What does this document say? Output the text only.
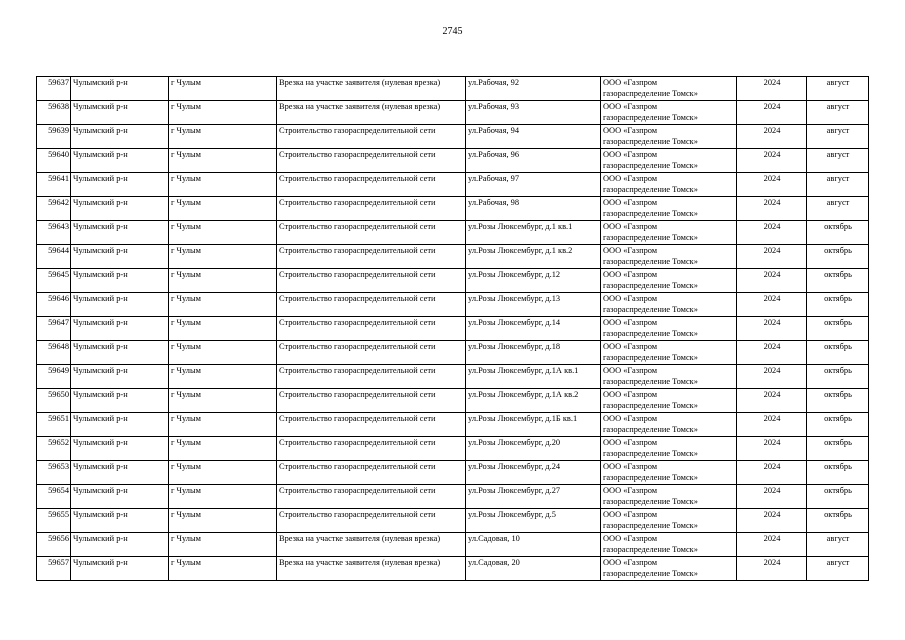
2745
59637	Чулымский р-н	г Чулым	Врезка на участке заявителя (нулевая врезка)	ул.Рабочая, 92	ООО «Газпром
газораспределение Томск»	2024	август
59638	Чулымский р-н	г Чулым	Врезка на участке заявителя (нулевая врезка)	ул.Рабочая, 93	ООО «Газпром
газораспределение Томск»	2024	август
59639	Чулымский р-н	г Чулым	Строительство газораспределительной сети	ул.Рабочая, 94	ООО «Газпром
газораспределение Томск»	2024	август
59640	Чулымский р-н	г Чулым	Строительство газораспределительной сети	ул.Рабочая, 96	ООО «Газпром
газораспределение Томск»	2024	август
59641	Чулымский р-н	г Чулым	Строительство газораспределительной сети	ул.Рабочая, 97	ООО «Газпром
газораспределение Томск»	2024	август
59642	Чулымский р-н	г Чулым	Строительство газораспределительной сети	ул.Рабочая, 98	ООО «Газпром
газораспределение Томск»	2024	август
59643	Чулымский р-н	г Чулым	Строительство газораспределительной сети	ул.Розы Люксембург, д.1 кв.1	ООО «Газпром
газораспределение Томск»	2024	октябрь
59644	Чулымский р-н	г Чулым	Строительство газораспределительной сети	ул.Розы Люксембург, д.1 кв.2	ООО «Газпром
газораспределение Томск»	2024	октябрь
59645	Чулымский р-н	г Чулым	Строительство газораспределительной сети	ул.Розы Люксембург, д.12	ООО «Газпром
газораспределение Томск»	2024	октябрь
59646	Чулымский р-н	г Чулым	Строительство газораспределительной сети	ул.Розы Люксембург, д.13	ООО «Газпром
газораспределение Томск»	2024	октябрь
59647	Чулымский р-н	г Чулым	Строительство газораспределительной сети	ул.Розы Люксембург, д.14	ООО «Газпром
газораспределение Томск»	2024	октябрь
59648	Чулымский р-н	г Чулым	Строительство газораспределительной сети	ул.Розы Люксембург, д.18	ООО «Газпром
газораспределение Томск»	2024	октябрь
59649	Чулымский р-н	г Чулым	Строительство газораспределительной сети	ул.Розы Люксембург, д.1А кв.1	ООО «Газпром
газораспределение Томск»	2024	октябрь
59650	Чулымский р-н	г Чулым	Строительство газораспределительной сети	ул.Розы Люксембург, д.1А кв.2	ООО «Газпром
газораспределение Томск»	2024	октябрь
59651	Чулымский р-н	г Чулым	Строительство газораспределительной сети	ул.Розы Люксембург, д.1Б кв.1	ООО «Газпром
газораспределение Томск»	2024	октябрь
59652	Чулымский р-н	г Чулым	Строительство газораспределительной сети	ул.Розы Люксембург, д.20	ООО «Газпром
газораспределение Томск»	2024	октябрь
59653	Чулымский р-н	г Чулым	Строительство газораспределительной сети	ул.Розы Люксембург, д.24	ООО «Газпром
газораспределение Томск»	2024	октябрь
59654	Чулымский р-н	г Чулым	Строительство газораспределительной сети	ул.Розы Люксембург, д.27	ООО «Газпром
газораспределение Томск»	2024	октябрь
59655	Чулымский р-н	г Чулым	Строительство газораспределительной сети	ул.Розы Люксембург, д.5	ООО «Газпром
газораспределение Томск»	2024	октябрь
59656	Чулымский р-н	г Чулым	Врезка на участке заявителя (нулевая врезка)	ул.Садовая, 10	ООО «Газпром
газораспределение Томск»	2024	август
59657	Чулымский р-н	г Чулым	Врезка на участке заявителя (нулевая врезка)	ул.Садовая, 20	ООО «Газпром
газораспределение Томск»	2024	август
